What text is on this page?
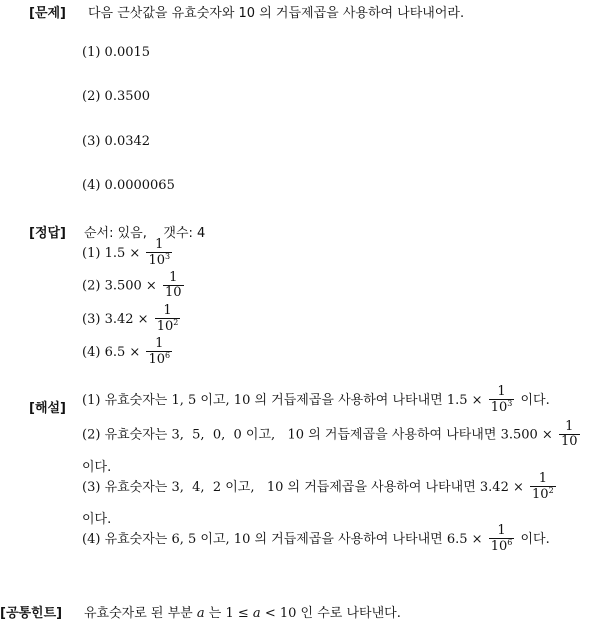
[문제] 다음 근삿값을 유효숫자와 10 의 거듭제곱을 사용하여 나타내어라.
(1) 0.0015
(2) 0.3500
(3) 0.0342
(4) 0.0000065
[정답] 순서: 있음,    갯수: 4
(1) $1.5 \times \frac{1}{10^3}$
(2) $3.500 \times \frac{1}{10}$
(3) $3.42 \times \frac{1}{10^2}$
(4) $6.5 \times \frac{1}{10^6}$
[해설]
(1) 유효숫자는 1, 5 이고, 10 의 거듭제곱을 사용하여 나타내면 $1.5 \times \frac{1}{10^3}$ 이다.
(2) 유효숫자는 3,  5,  0,  0 이고,   10 의 거듭제곱을 사용하여 나타내면 $3.500 \times \frac{1}{10}$
이다.
(3) 유효숫자는 3,  4,  2 이고,   10 의 거듭제곱을 사용하여 나타내면 $3.42 \times \frac{1}{10^2}$
이다.
(4) 유효숫자는 6, 5 이고, 10 의 거듭제곱을 사용하여 나타내면 $6.5 \times \frac{1}{10^6}$ 이다.
[공통힌트] 유효숫자로 된 부분 a 는 1 ≤ a < 10 인 수로 나타낸다.
